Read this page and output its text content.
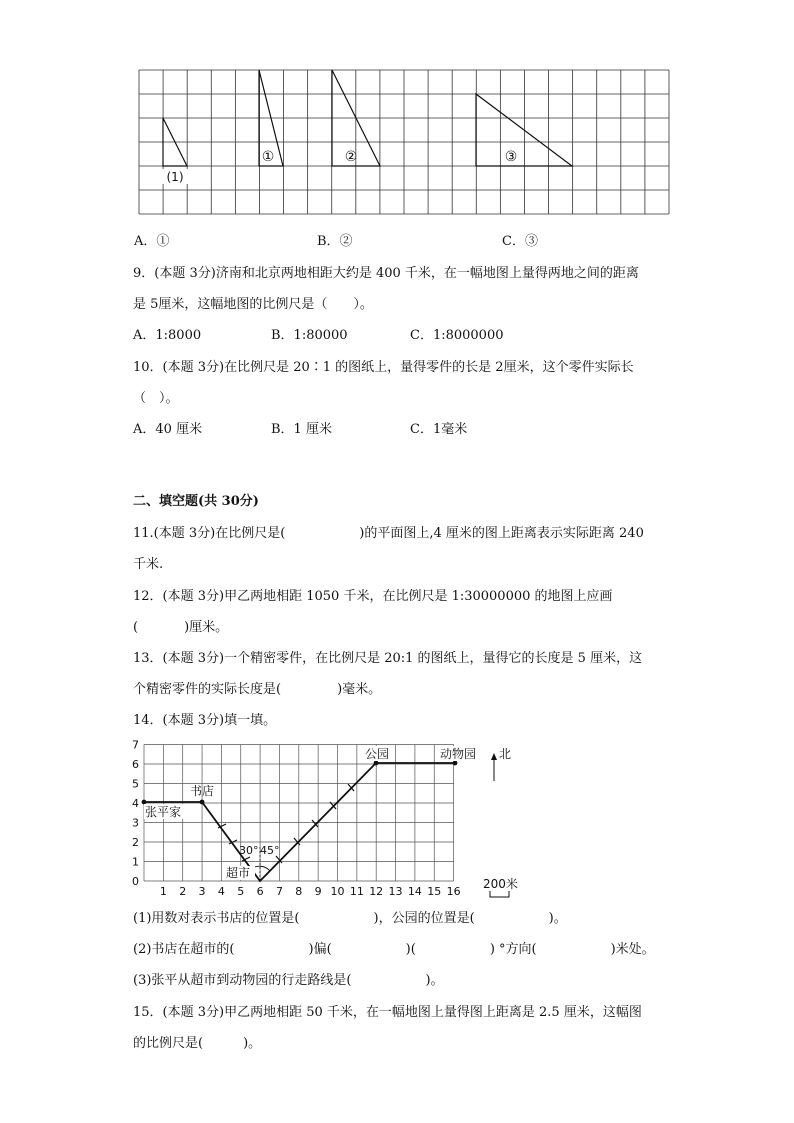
(1)
①	②	③
A．①	B．②	C．③
9．(本题 3分)济南和北京两地相距大约是 400 千米，在一幅地图上量得两地之间的距离
是 5厘米，这幅地图的比例尺是（　　）。
A．1:8000	B．1:80000	C．1:8000000
10．(本题 3分)在比例尺是 20∶1 的图纸上，量得零件的长是 2厘米，这个零件实际长
（　）。
A．40 厘米	B．1 厘米	C．1毫米
二、填空题(共 30分)
11.(本题 3分)在比例尺是(	)的平面图上,4 厘米的图上距离表示实际距离 240
千米.
12．(本题 3分)甲乙两地相距 1050 千米，在比例尺是 1:30000000 的地图上应画
(	)厘米。
13．(本题 3分)一个精密零件，在比例尺是 20:1 的图纸上，量得它的长度是 5 厘米，这
个精密零件的实际长度是(	)毫米。
14．(本题 3分)填一填。
1 2 3 4 5 6 7 8 9 10 11 12 13 14 15 16
0
1
2
3
4
5
6
7
张平家
书店
超市
30° 45°
公园	动物园 北
200米
(1)用数对表示书店的位置是(	)，公园的位置是(	)。
(2)书店在超市的(	)偏(	)(	) °方向(	)米处。
(3)张平从超市到动物园的行走路线是(	)。
15．(本题 3分)甲乙两地相距 50 千米，在一幅地图上量得图上距离是 2.5 厘米，这幅图
的比例尺是(	)。
